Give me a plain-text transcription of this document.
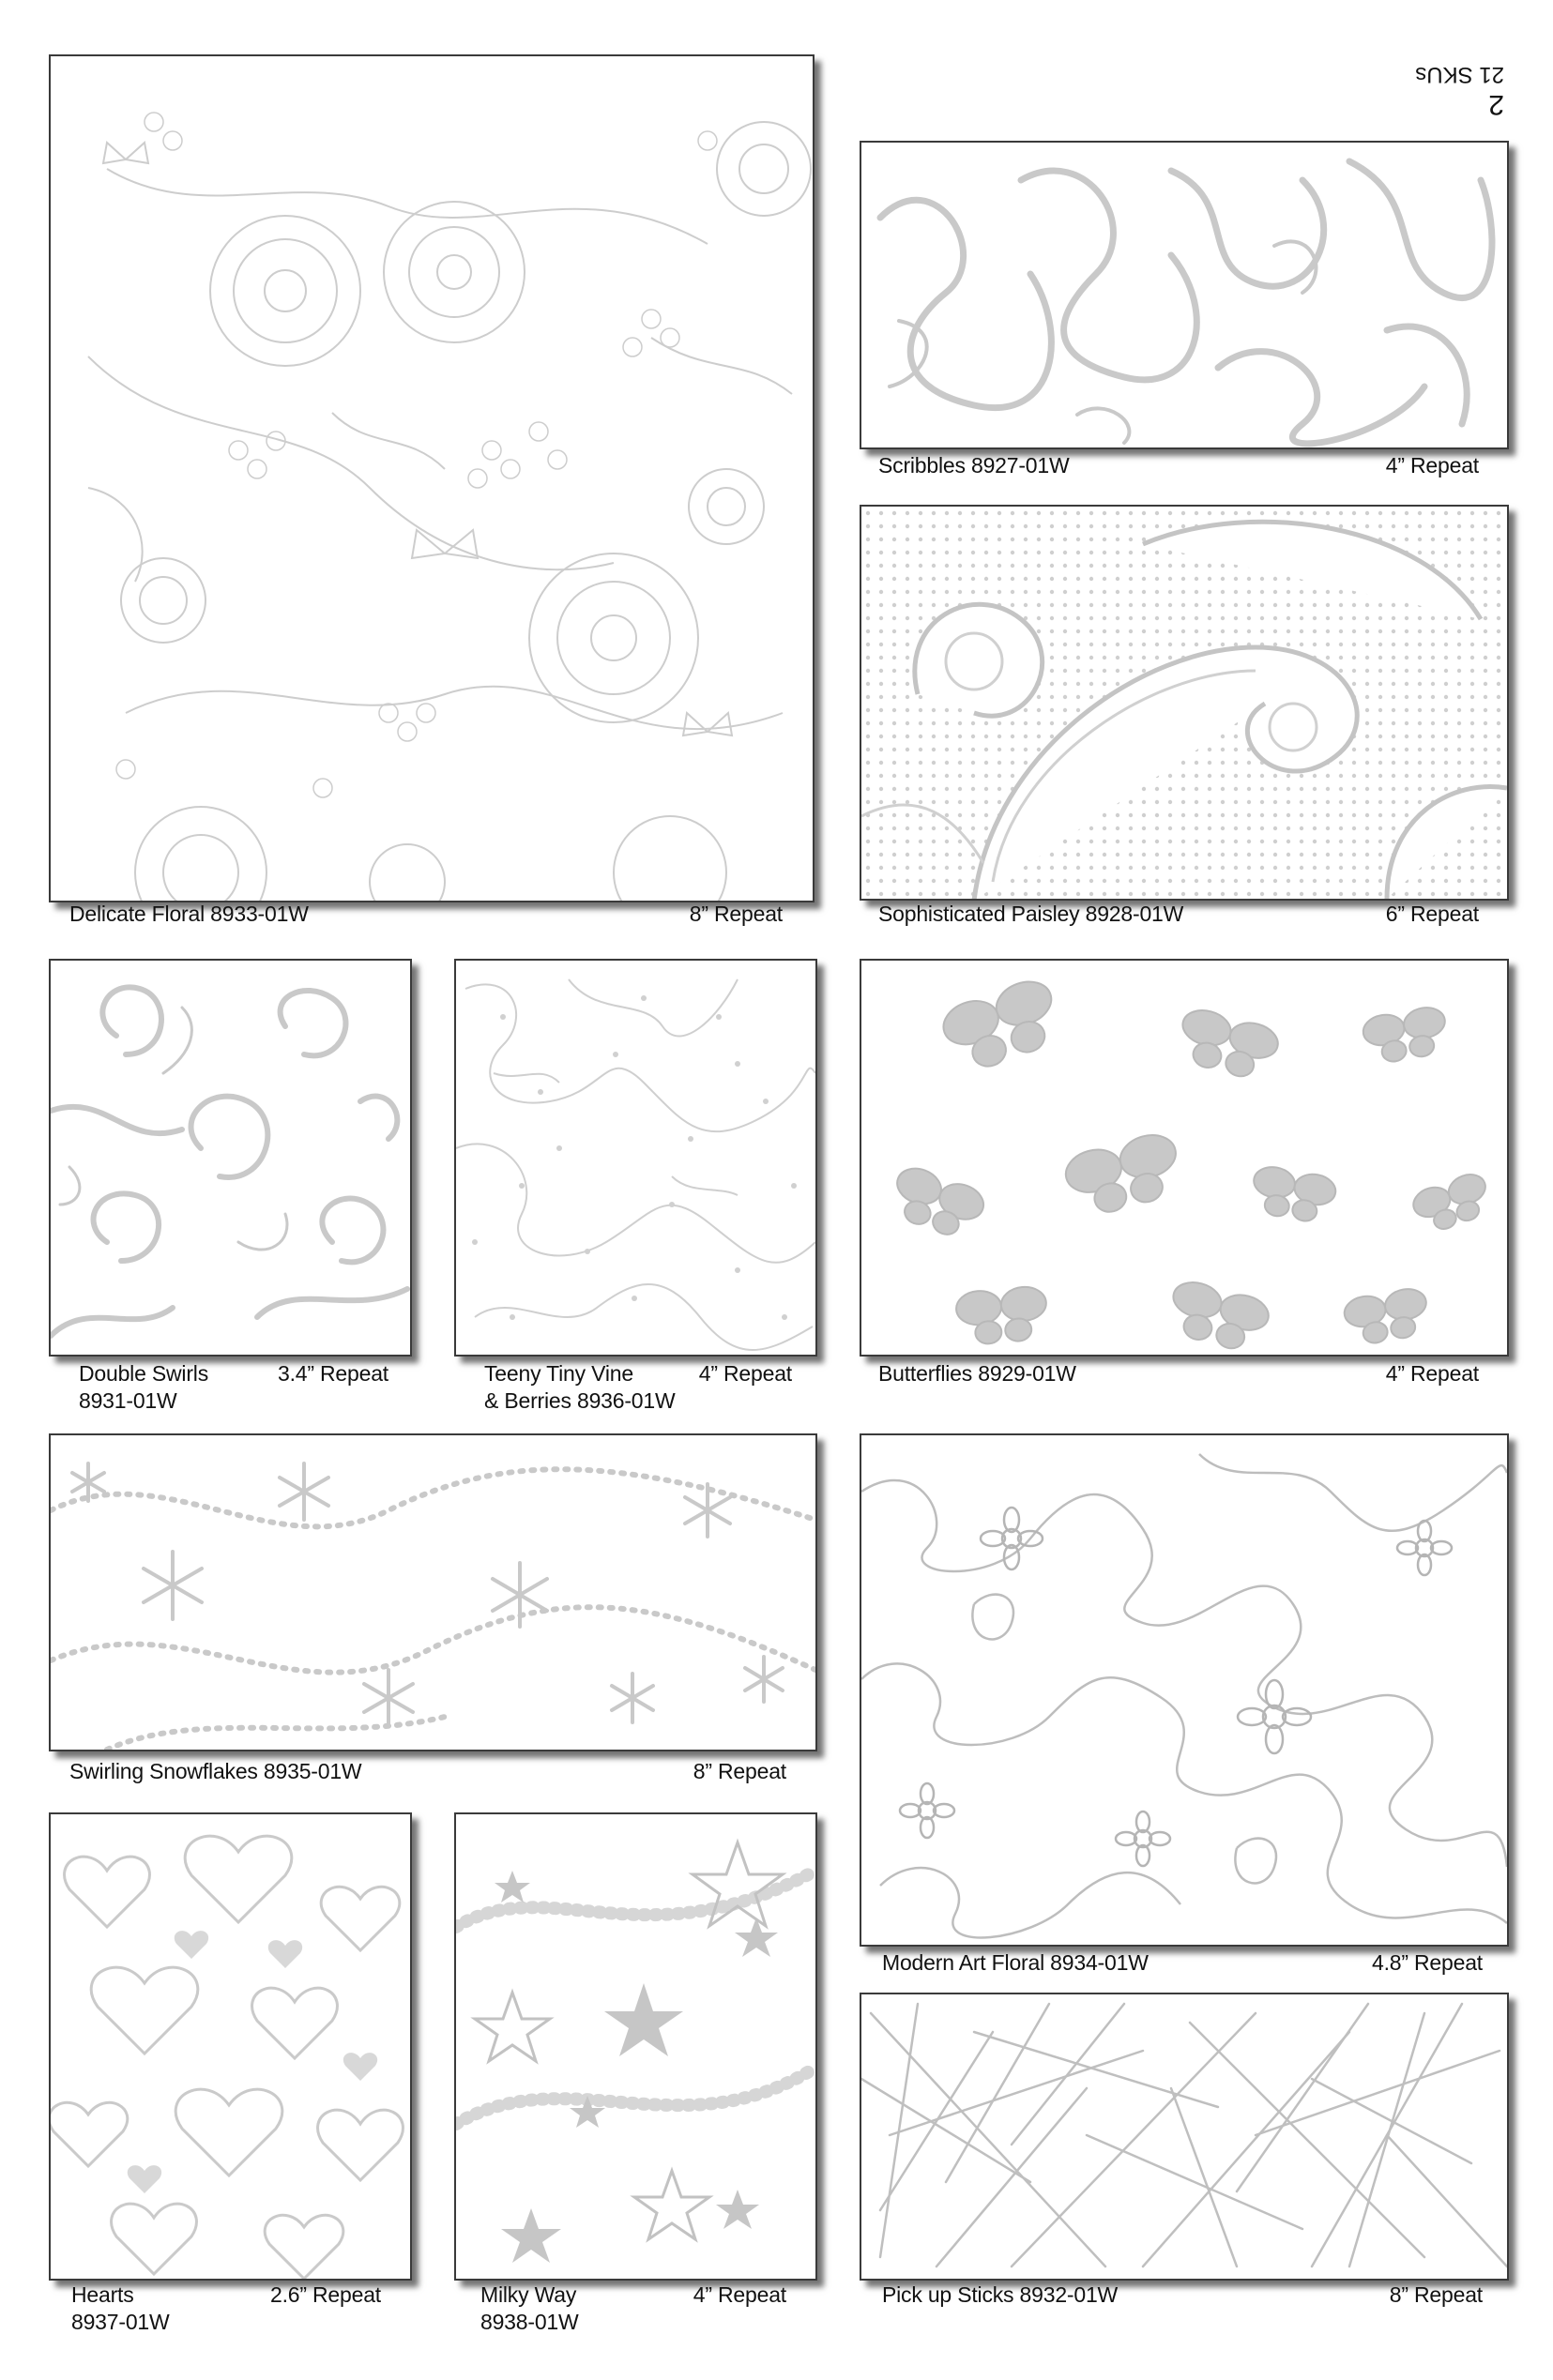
2
21 SKUs
Delicate Floral 8933-01W	8” Repeat
Scribbles 8927-01W	4” Repeat
Sophisticated Paisley 8928-01W	6” Repeat
Double Swirls
8931-01W
3.4” Repeat	Teeny Tiny Vine
& Berries 8936-01W
4” Repeat	Butterflies 8929-01W	4” Repeat
Swirling Snowflakes 8935-01W	8” Repeat
Modern Art Floral 8934-01W	4.8” Repeat
Hearts
8937-01W
2.6” Repeat	Milky Way
8938-01W
4” Repeat	Pick up Sticks 8932-01W	8” Repeat
